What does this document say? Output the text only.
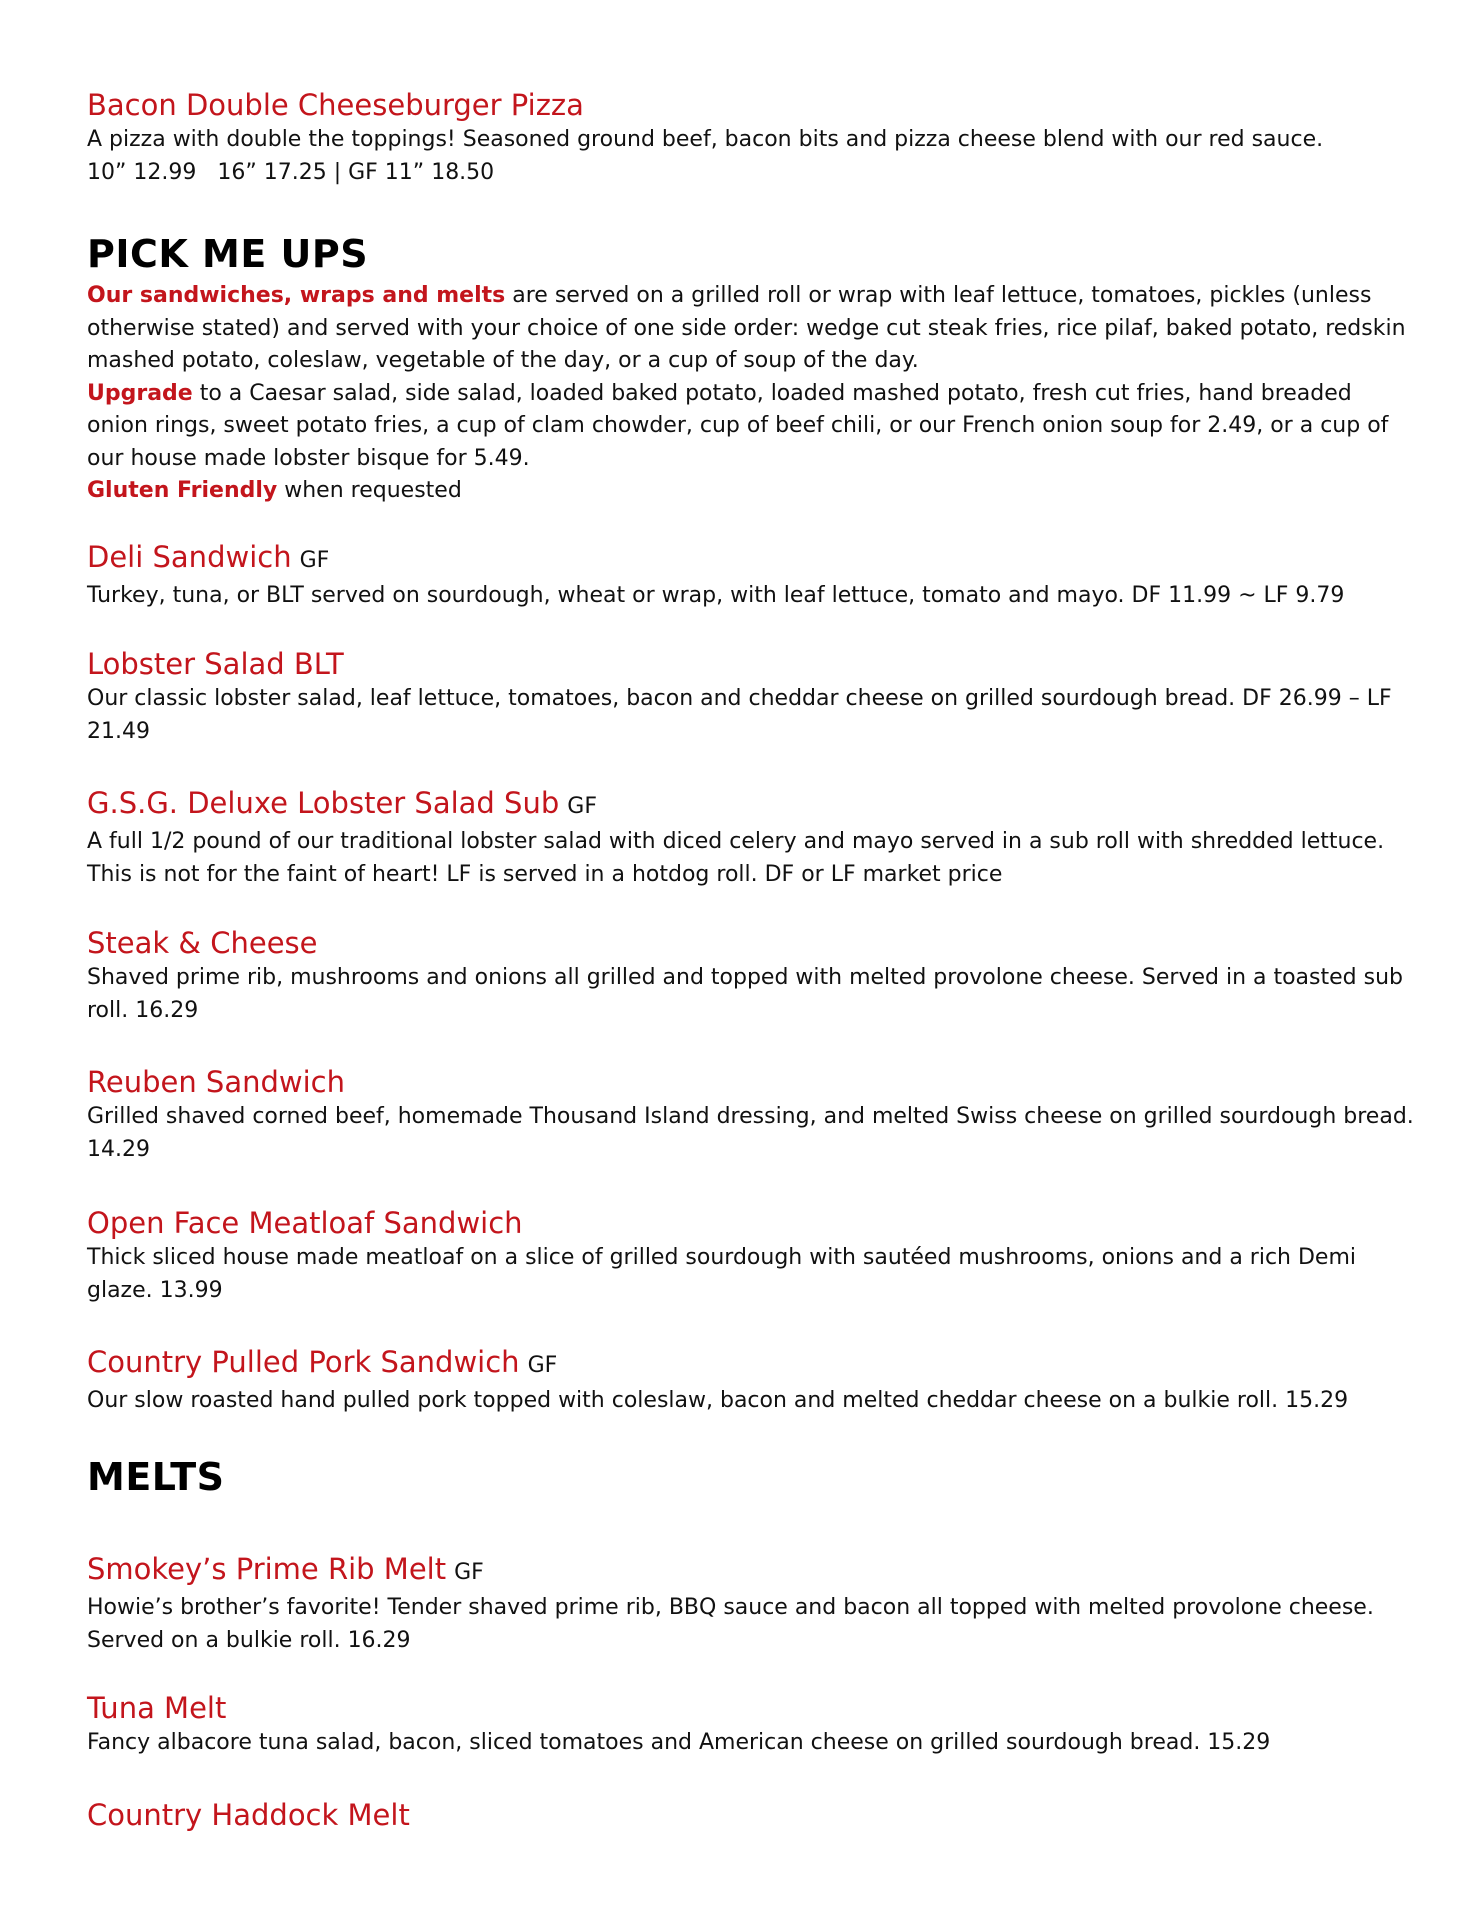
Bacon Double Cheeseburger Pizza
A pizza with double the toppings! Seasoned ground beef, bacon bits and pizza cheese blend with our red sauce.
10” 12.99   16” 17.25 | GF 11” 18.50
PICK ME UPS
Our sandwiches, wraps and melts are served on a grilled roll or wrap with leaf lettuce, tomatoes, pickles (unless otherwise stated) and served with your choice of one side order: wedge cut steak fries, rice pilaf, baked potato, redskin mashed potato, coleslaw, vegetable of the day, or a cup of soup of the day.
Upgrade to a Caesar salad, side salad, loaded baked potato, loaded mashed potato, fresh cut fries, hand breaded onion rings, sweet potato fries, a cup of clam chowder, cup of beef chili, or our French onion soup for 2.49, or a cup of our house made lobster bisque for 5.49.
Gluten Friendly when requested
Deli Sandwich GF
Turkey, tuna, or BLT served on sourdough, wheat or wrap, with leaf lettuce, tomato and mayo. DF 11.99 ~ LF 9.79
Lobster Salad BLT
Our classic lobster salad, leaf lettuce, tomatoes, bacon and cheddar cheese on grilled sourdough bread. DF 26.99 – LF 21.49
G.S.G. Deluxe Lobster Salad Sub GF
A full 1/2 pound of our traditional lobster salad with diced celery and mayo served in a sub roll with shredded lettuce. This is not for the faint of heart! LF is served in a hotdog roll. DF or LF market price
Steak & Cheese
Shaved prime rib, mushrooms and onions all grilled and topped with melted provolone cheese. Served in a toasted sub roll. 16.29
Reuben Sandwich
Grilled shaved corned beef, homemade Thousand Island dressing, and melted Swiss cheese on grilled sourdough bread. 14.29
Open Face Meatloaf Sandwich
Thick sliced house made meatloaf on a slice of grilled sourdough with sautéed mushrooms, onions and a rich Demi glaze. 13.99
Country Pulled Pork Sandwich GF
Our slow roasted hand pulled pork topped with coleslaw, bacon and melted cheddar cheese on a bulkie roll. 15.29
MELTS
Smokey’s Prime Rib Melt GF
Howie’s brother’s favorite! Tender shaved prime rib, BBQ sauce and bacon all topped with melted provolone cheese. Served on a bulkie roll. 16.29
Tuna Melt
Fancy albacore tuna salad, bacon, sliced tomatoes and American cheese on grilled sourdough bread. 15.29
Country Haddock Melt
